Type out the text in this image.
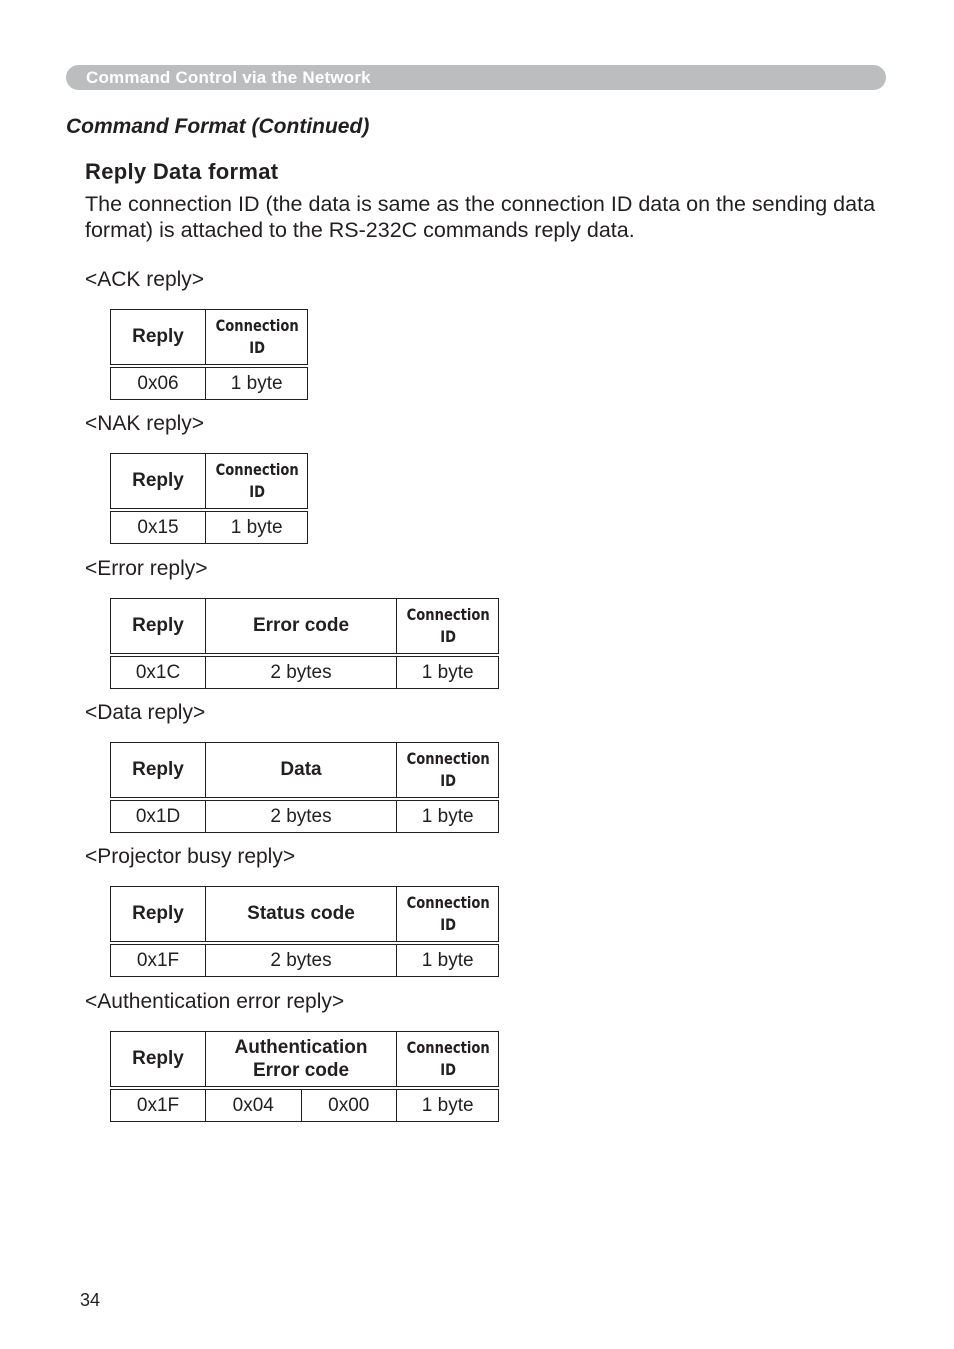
Command Control via the Network
Command Format (Continued)
Reply Data format
The connection ID (the data is same as the connection ID data on the sending data format) is attached to the RS-232C commands reply data.
<ACK reply>
Reply	Connection
ID
0x06	1 byte
<NAK reply>
Reply	Connection
ID
0x15	1 byte
<Error reply>
Reply	Error code	Connection
ID
0x1C	2 bytes	1 byte
<Data reply>
Reply	Data	Connection
ID
0x1D	2 bytes	1 byte
<Projector busy reply>
Reply	Status code	Connection
ID
0x1F	2 bytes	1 byte
<Authentication error reply>
Reply	Authentication
Error code		Connection
ID
0x1F	0x04	0x00	1 byte
34
